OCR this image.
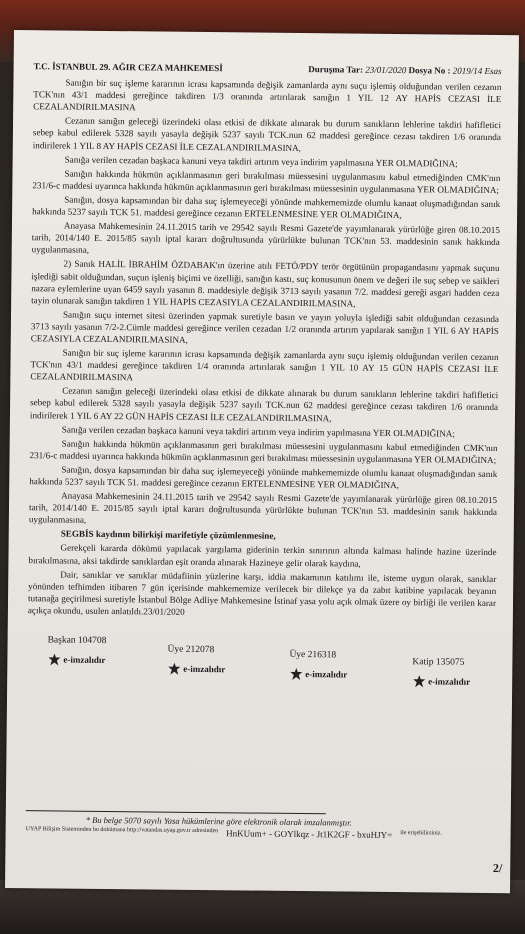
T.C. İSTANBUL 29. AĞIR CEZA MAHKEMESİ	Duruşma Tar: 23/01/2020 Dosya No : 2019/14 Esas

Sanığın bir suç işleme kararının icrası kapsamında değişik zamanlarda aynı suçu işlemiş olduğundan verilen cezanın TCK'nın 43/1 maddesi gereğince takdiren 1/3 oranında artırılarak sanığın 1 YIL 12 AY HAPİS CEZASI İLE CEZALANDIRILMASINA

Cezanın sanığın geleceği üzerindeki olası etkisi de dikkate alınarak bu durum sanıkların lehlerine takdiri hafifletici sebep kabul edilerek 5328 sayılı yasayla değişik 5237 sayılı TCK.nun 62 maddesi gereğince cezası takdiren 1/6 oranında indirilerek 1 YIL 8 AY HAPİS CEZASI İLE CEZALANDIRILMASINA,

Sanığa verilen cezadan başkaca kanuni veya takdiri artırım veya indirim yapılmasına YER OLMADIĞINA;

Sanığın hakkında hükmün açıklanmasının geri bırakılması müessesini uygulanmasını kabul etmediğinden CMK'nın 231/6-c maddesi uyarınca hakkında hükmün açıklanmasının geri bırakılması müessesinin uygulanmasına YER OLMADIĞINA;

Sanığın, dosya kapsamından bir daha suç işlemeyeceği yönünde mahkememizde olumlu kanaat oluşmadığından sanık hakkında 5237 sayılı TCK 51. maddesi gereğince cezanın ERTELENMESİNE YER OLMADIĞINA,

Anayasa Mahkemesinin 24.11.2015 tarih ve 29542 sayılı Resmi Gazete'de yayımlanarak yürürlüğe giren 08.10.2015 tarih, 2014/140 E. 2015/85 sayılı iptal kararı doğrultusunda yürürlükte bulunan TCK'nın 53. maddesinin sanık hakkında uygulanmasına,

2) Sanık HALİL İBRAHİM ÖZDABAK'ın üzerine atılı FETÖ/PDY terör örgütünün propagandasını yapmak suçunu işlediği sabit olduğundan, suçun işleniş biçimi ve özelliği, sanığın kastı, suç konusunun önem ve değeri ile suç sebep ve saikleri nazara eylemlerine uyan 6459 sayılı yasanın 8. maddesiyle değişik 3713 sayılı yasanın 7/2. maddesi gereği asgari hadden ceza tayin olunarak sanığın takdiren 1 YIL HAPİS CEZASIYLA CEZALANDIRILMASINA,

Sanığın suçu internet sitesi üzerinden yapmak suretiyle basın ve yayın yoluyla işlediği sabit olduğundan cezasında 3713 sayılı yasanın 7/2-2.Cümle maddesi gereğince verilen cezadan 1/2 oranında artırım yapılarak sanığın 1 YIL 6 AY HAPİS CEZASIYLA CEZALANDIRILMASINA,

Sanığın bir suç işleme kararının icrası kapsamında değişik zamanlarda aynı suçu işlemiş olduğundan verilen cezanın TCK'nın 43/1 maddesi gereğince takdiren 1/4 oranında artırılarak sanığın 1 YIL 10 AY 15 GÜN HAPİS CEZASI İLE CEZALANDIRILMASINA

Cezanın sanığın geleceği üzerindeki olası etkisi de dikkate alınarak bu durum sanıkların lehlerine takdiri hafifletici sebep kabul edilerek 5328 sayılı yasayla değişik 5237 sayılı TCK.nun 62 maddesi gereğince cezası takdiren 1/6 oranında indirilerek 1 YIL 6 AY 22 GÜN HAPİS CEZASI İLE CEZALANDIRILMASINA,

Sanığa verilen cezadan başkaca kanuni veya takdiri artırım veya indirim yapılmasına YER OLMADIĞINA;

Sanığın hakkında hükmün açıklanmasının geri bırakılması müessesini uygulanmasını kabul etmediğinden CMK'nın 231/6-c maddesi uyarınca hakkında hükmün açıklanmasının geri bırakılması müessesinin uygulanmasına YER OLMADIĞINA;

Sanığın, dosya kapsamından bir daha suç işlemeyeceği yönünde mahkememizde olumlu kanaat oluşmadığından sanık hakkında 5237 sayılı TCK 51. maddesi gereğince cezanın ERTELENMESİNE YER OLMADIĞINA,

Anayasa Mahkemesinin 24.11.2015 tarih ve 29542 sayılı Resmi Gazete'de yayımlanarak yürürlüğe giren 08.10.2015 tarih, 2014/140 E. 2015/85 sayılı iptal kararı doğrultusunda yürürlükte bulunan TCK'nın 53. maddesinin sanık hakkında uygulanmasına,

SEGBİS kaydının bilirkişi marifetiyle çözümlenmesine,

Gerekçeli kararda dökümü yapılacak yargılama giderinin terkin sınırının altında kalması halinde hazine üzerinde bırakılmasına, aksi takdirde sanıklardan eşit oranda alınarak Hazineye gelir olarak kaydına,

Dair, sanıklar ve sanıklar müdafiinin yüzlerine karşı, iddia makamının katılımı ile, isteme uygun olarak, sanıklar yönünden tefhimden itibaren 7 gün içerisinde mahkememize verilecek bir dilekçe ya da zabıt katibine yapılacak beyanın tutanağa geçirilmesi suretiyle İstanbul Bölge Adliye Mahkemesine İstinaf yasa yolu açık olmak üzere oy birliği ile verilen karar açıkça okundu, usulen anlatıldı.23/01/2020

Başkan 104708
e-imzalıdır
Üye 212078
e-imzalıdır
Üye 216318
e-imzalıdır
Katip 135075
e-imzalıdır
* Bu belge 5070 sayılı Yasa hükümlerine göre elektronik olarak imzalanmıştır.
UYAP Bilişim Sisteminden bu dokümana http://vatandas.uyap.gov.tr adresinden HnKUum+ - GOYlkqz - Jt1K2GF - bxuHJY= ile erişebilirsiniz.
2/
